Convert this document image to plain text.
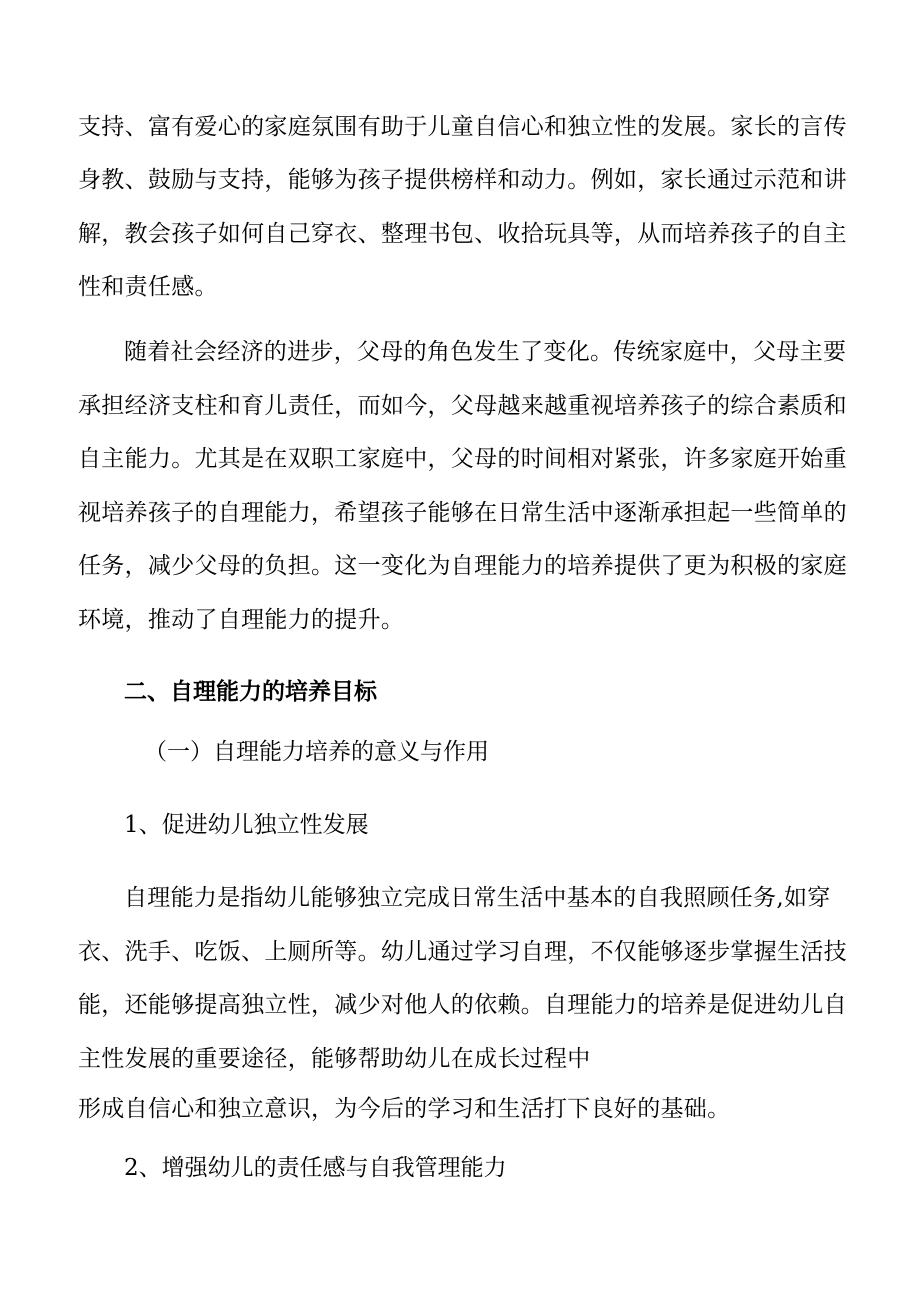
支持、富有爱心的家庭氛围有助于儿童自信心和独立性的发展。家长的言传
身教、鼓励与支持，能够为孩子提供榜样和动力。例如，家长通过示范和讲
解，教会孩子如何自己穿衣、整理书包、收拾玩具等，从而培养孩子的自主
性和责任感。
随着社会经济的进步，父母的角色发生了变化。传统家庭中，父母主要
承担经济支柱和育儿责任，而如今，父母越来越重视培养孩子的综合素质和
自主能力。尤其是在双职工家庭中，父母的时间相对紧张，许多家庭开始重
视培养孩子的自理能力，希望孩子能够在日常生活中逐渐承担起一些简单的
任务，减少父母的负担。这一变化为自理能力的培养提供了更为积极的家庭
环境，推动了自理能力的提升。
二、自理能力的培养目标
（一）自理能力培养的意义与作用
1、促进幼儿独立性发展
自理能力是指幼儿能够独立完成日常生活中基本的自我照顾任务,如穿
衣、洗手、吃饭、上厕所等。幼儿通过学习自理，不仅能够逐步掌握生活技
能，还能够提高独立性，减少对他人的依赖。自理能力的培养是促进幼儿自
主性发展的重要途径，能够帮助幼儿在成长过程中
形成自信心和独立意识，为今后的学习和生活打下良好的基础。
2、增强幼儿的责任感与自我管理能力
